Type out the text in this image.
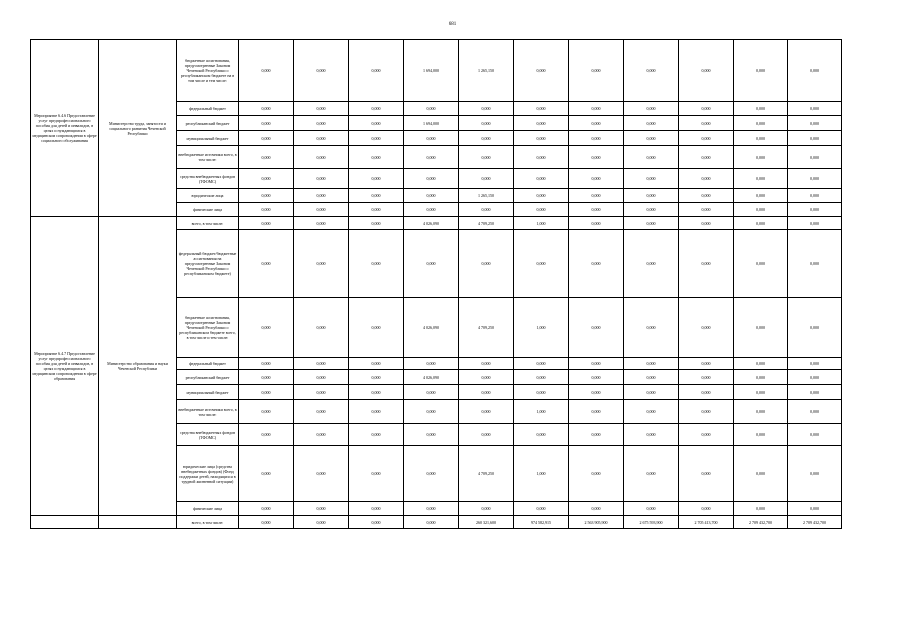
681
Мероприятие 6.4.6 Предоставление услуг предпрофессионального пособия для детей и инвалидов, в целях и нуждающимся в медицинском сопровождении в сфере социального обслуживания	Министерство труда, занятости и социального развития Чеченской Республики	бюджетные ассигнования, предусмотренные Законом Чеченской Республики о республиканском бюджете на в том числе и тем числе:	0,000	0,000	0,000	1 694,000	1 265,150	0,000	0,000	0,000	0,000	0,000	0,000
		федеральный бюджет	0,000	0,000	0,000	0,000	0,000	0,000	0,000	0,000	0,000	0,000	0,000
		республиканский бюджет	0,000	0,000	0,000	1 694,000	0,000	0,000	0,000	0,000	0,000	0,000	0,000
		муниципальный бюджет	0,000	0,000	0,000	0,000	0,000	0,000	0,000	0,000	0,000	0,000	0,000
		внебюджетные источники всего, в том числе:	0,000	0,000	0,000	0,000	0,000	0,000	0,000	0,000	0,000	0,000	0,000
		средства внебюджетных фондов (ТФОМС)	0,000	0,000	0,000	0,000	0,000	0,000	0,000	0,000	0,000	0,000	0,000
		юридические лица	0,000	0,000	0,000	0,000	1 265,150	0,000	0,000	0,000	0,000	0,000	0,000
		физические лица	0,000	0,000	0,000	0,000	0,000	0,000	0,000	0,000	0,000	0,000	0,000
Мероприятие 6.4.7 Предоставление услуг предпрофессионального пособия для детей и инвалидов, в целях и нуждающимся в медицинском сопровождении в сфере образования	Министерство образования и науки Чеченской Республики	всего, в том числе:	0,000	0,000	0,000	4 026,090	4 709,250	1,000	0,000	0,000	0,000	0,000	0,000
		федеральный бюджет/бюджетные ассигнования на предусмотренные Законом Чеченской Республики о республиканском бюджете)	0,000	0,000	0,000	0,000	0,000	0,000	0,000	0,000	0,000	0,000	0,000
		бюджетные ассигнования, предусмотренные Законом Чеченской Республики о республиканском бюджете всего, в том числе и тем числе:	0,000	0,000	0,000	4 026,090	4 709,250	1,000	0,000	0,000	0,000	0,000	0,000
		федеральный бюджет	0,000	0,000	0,000	0,000	0,000	0,000	0,000	0,000	0,000	0,000	0,000
		республиканский бюджет	0,000	0,000	0,000	4 026,090	0,000	0,000	0,000	0,000	0,000	0,000	0,000
		муниципальный бюджет	0,000	0,000	0,000	0,000	0,000	0,000	0,000	0,000	0,000	0,000	0,000
		внебюджетные источники всего, в том числе:	0,000	0,000	0,000	0,000	0,000	1,000	0,000	0,000	0,000	0,000	0,000
		средства внебюджетных фондов (ТФОМС)	0,000	0,000	0,000	0,000	0,000	0,000	0,000	0,000	0,000	0,000	0,000
		юридические лица (средства внебюджетных фондов) (Фонд поддержки детей, находящихся в трудной жизненной ситуации)	0,000	0,000	0,000	0,000	4 709,250	1,000	0,000	0,000	0,000	0,000	0,000
		физические лица	0,000	0,000	0,000	0,000	0,000	0,000	0,000	0,000	0,000	0,000	0,000
		всего, в том числе:	0,000	0,000	0,000	0,000	260 321,600	974 582,915	2 563 905,900	2 675 593,900	2 705 413,700	2 709 432,700	2 709 432,700
